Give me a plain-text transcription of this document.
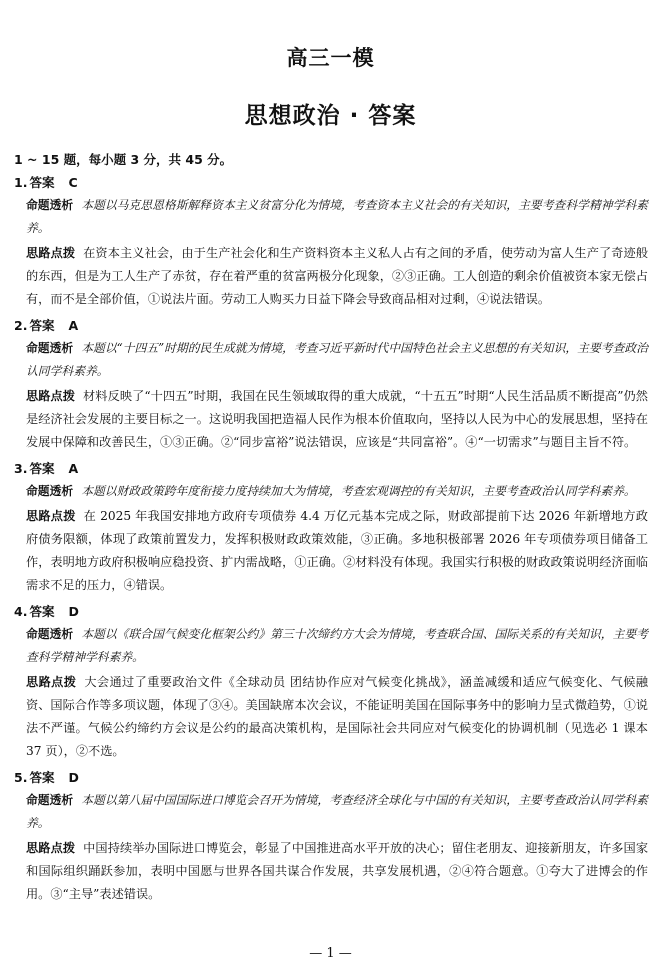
高三一模
思想政治 · 答案
1 ~ 15 题，每小题 3 分，共 45 分。
1. 答案 C
命题透析 本题以马克思恩格斯解释资本主义贫富分化为情境，考查资本主义社会的有关知识，主要考查科学精神学科素养。
思路点拨 在资本主义社会，由于生产社会化和生产资料资本主义私人占有之间的矛盾，使劳动为富人生产了奇迹般的东西，但是为工人生产了赤贫，存在着严重的贫富两极分化现象，②③正确。工人创造的剩余价值被资本家无偿占有，而不是全部价值，①说法片面。劳动工人购买力日益下降会导致商品相对过剩，④说法错误。
2. 答案 A
命题透析 本题以“十四五”时期的民生成就为情境，考查习近平新时代中国特色社会主义思想的有关知识，主要考查政治认同学科素养。
思路点拨 材料反映了“十四五”时期，我国在民生领域取得的重大成就，“十五五”时期“人民生活品质不断提高”仍然是经济社会发展的主要目标之一。这说明我国把造福人民作为根本价值取向，坚持以人民为中心的发展思想，坚持在发展中保障和改善民生，①③正确。②“同步富裕”说法错误，应该是“共同富裕”。④“一切需求”与题目主旨不符。
3. 答案 A
命题透析 本题以财政政策跨年度衔接力度持续加大为情境，考查宏观调控的有关知识，主要考查政治认同学科素养。
思路点拨 在 2025 年我国安排地方政府专项债券 4.4 万亿元基本完成之际，财政部提前下达 2026 年新增地方政府债务限额，体现了政策前置发力，发挥积极财政政策效能，③正确。多地积极部署 2026 年专项债券项目储备工作，表明地方政府积极响应稳投资、扩内需战略，①正确。②材料没有体现。我国实行积极的财政政策说明经济面临需求不足的压力，④错误。
4. 答案 D
命题透析 本题以《联合国气候变化框架公约》第三十次缔约方大会为情境，考查联合国、国际关系的有关知识，主要考查科学精神学科素养。
思路点拨 大会通过了重要政治文件《全球动员 团结协作应对气候变化挑战》，涵盖减缓和适应气候变化、气候融资、国际合作等多项议题，体现了③④。美国缺席本次会议，不能证明美国在国际事务中的影响力呈式微趋势，①说法不严谨。气候公约缔约方会议是公约的最高决策机构，是国际社会共同应对气候变化的协调机制（见选必 1 课本 37 页），②不选。
5. 答案 D
命题透析 本题以第八届中国国际进口博览会召开为情境，考查经济全球化与中国的有关知识，主要考查政治认同学科素养。
思路点拨 中国持续举办国际进口博览会，彰显了中国推进高水平开放的决心；留住老朋友、迎接新朋友，许多国家和国际组织踊跃参加，表明中国愿与世界各国共谋合作发展，共享发展机遇，②④符合题意。①夸大了进博会的作用。③“主导”表述错误。
— 1 —
